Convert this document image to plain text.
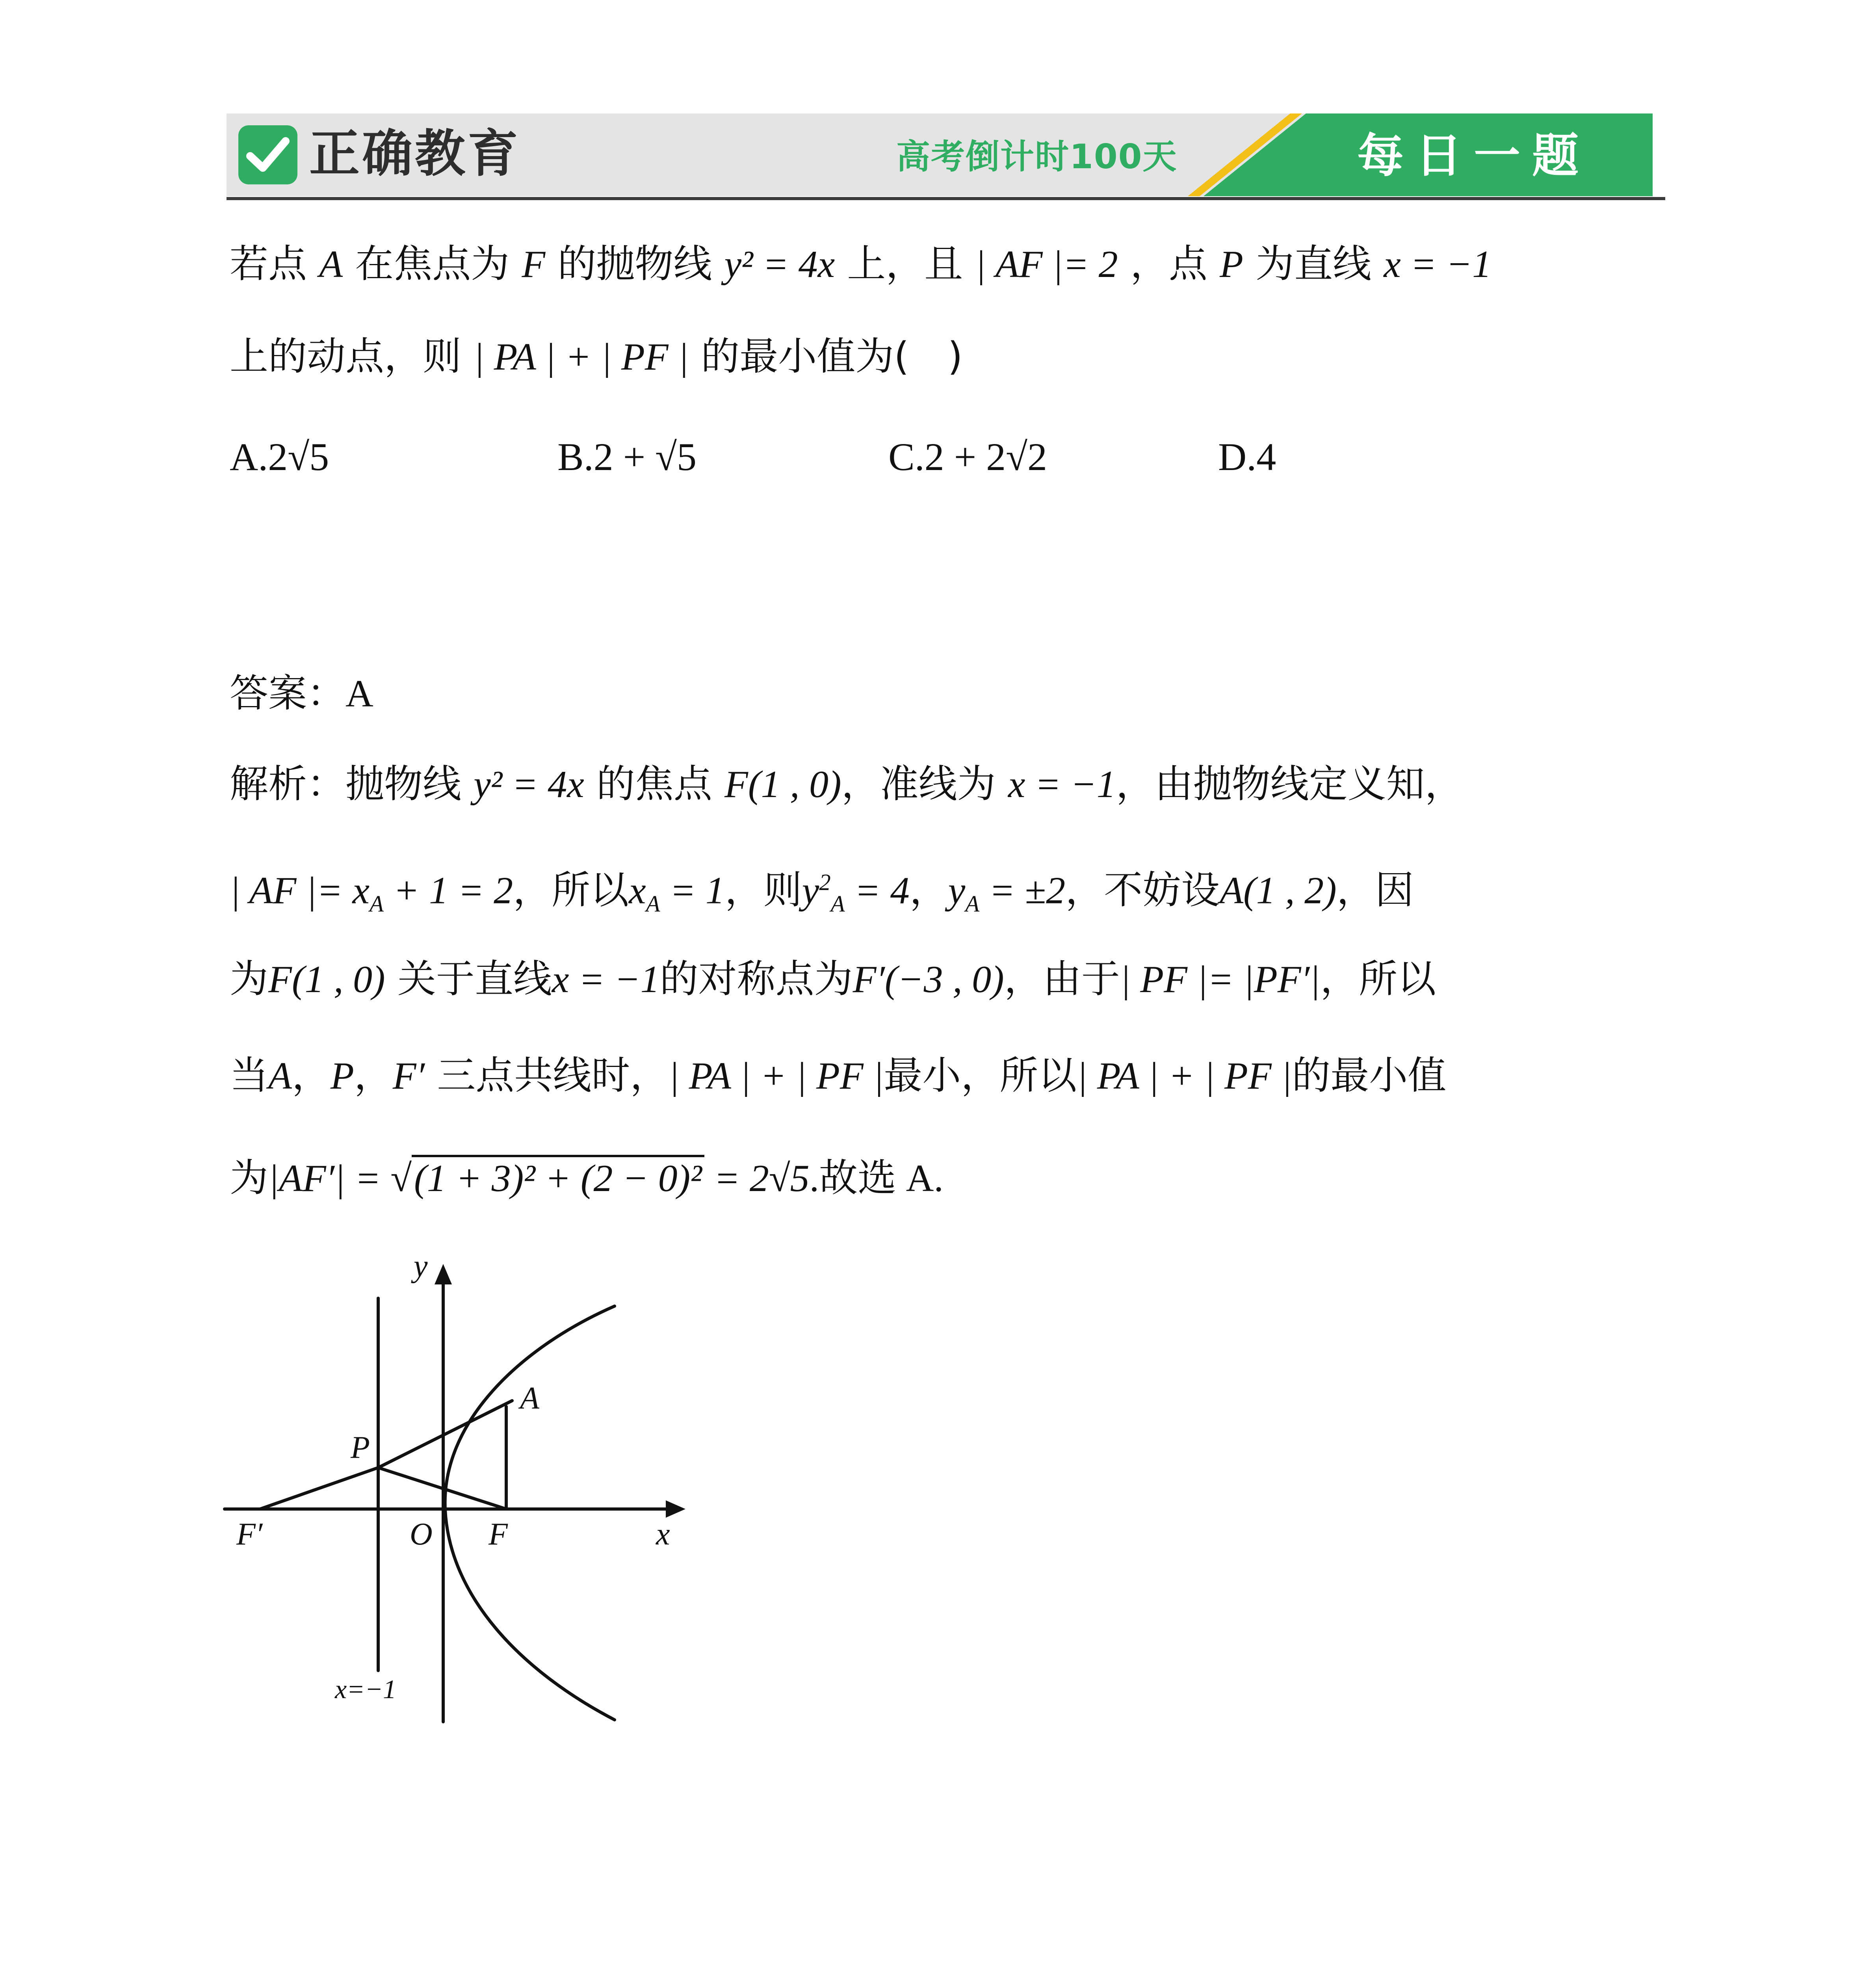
正确教育	高考倒计时100天	每日一题
若点 A 在焦点为 F 的抛物线 y² = 4x 上，且 | AF |= 2 ，点 P 为直线 x = −1
上的动点，则 | PA | + | PF | 的最小值为(　)
A.2√5	B.2 + √5	C.2 + 2√2	D.4
答案：A
解析：抛物线 y² = 4x 的焦点 F(1 , 0)，准线为 x = −1，由抛物线定义知，
| AF |= $x_A + 1 = 2$，所以$x_A = 1$，则$y^2_A = 4$，$y_A = \pm 2$，不妨设A(1 , 2)，因
为F(1 , 0) 关于直线x = −1的对称点为F′(−3 , 0)，由于| PF |= |PF′|，所以
当A，P，F′ 三点共线时，| PA | + | PF |最小，所以| PA | + | PF |的最小值
为|AF′| = √(1 + 3)² + (2 − 0)² = 2√5.故选 A.
y
A
P
F′	O F	x
x=−1
